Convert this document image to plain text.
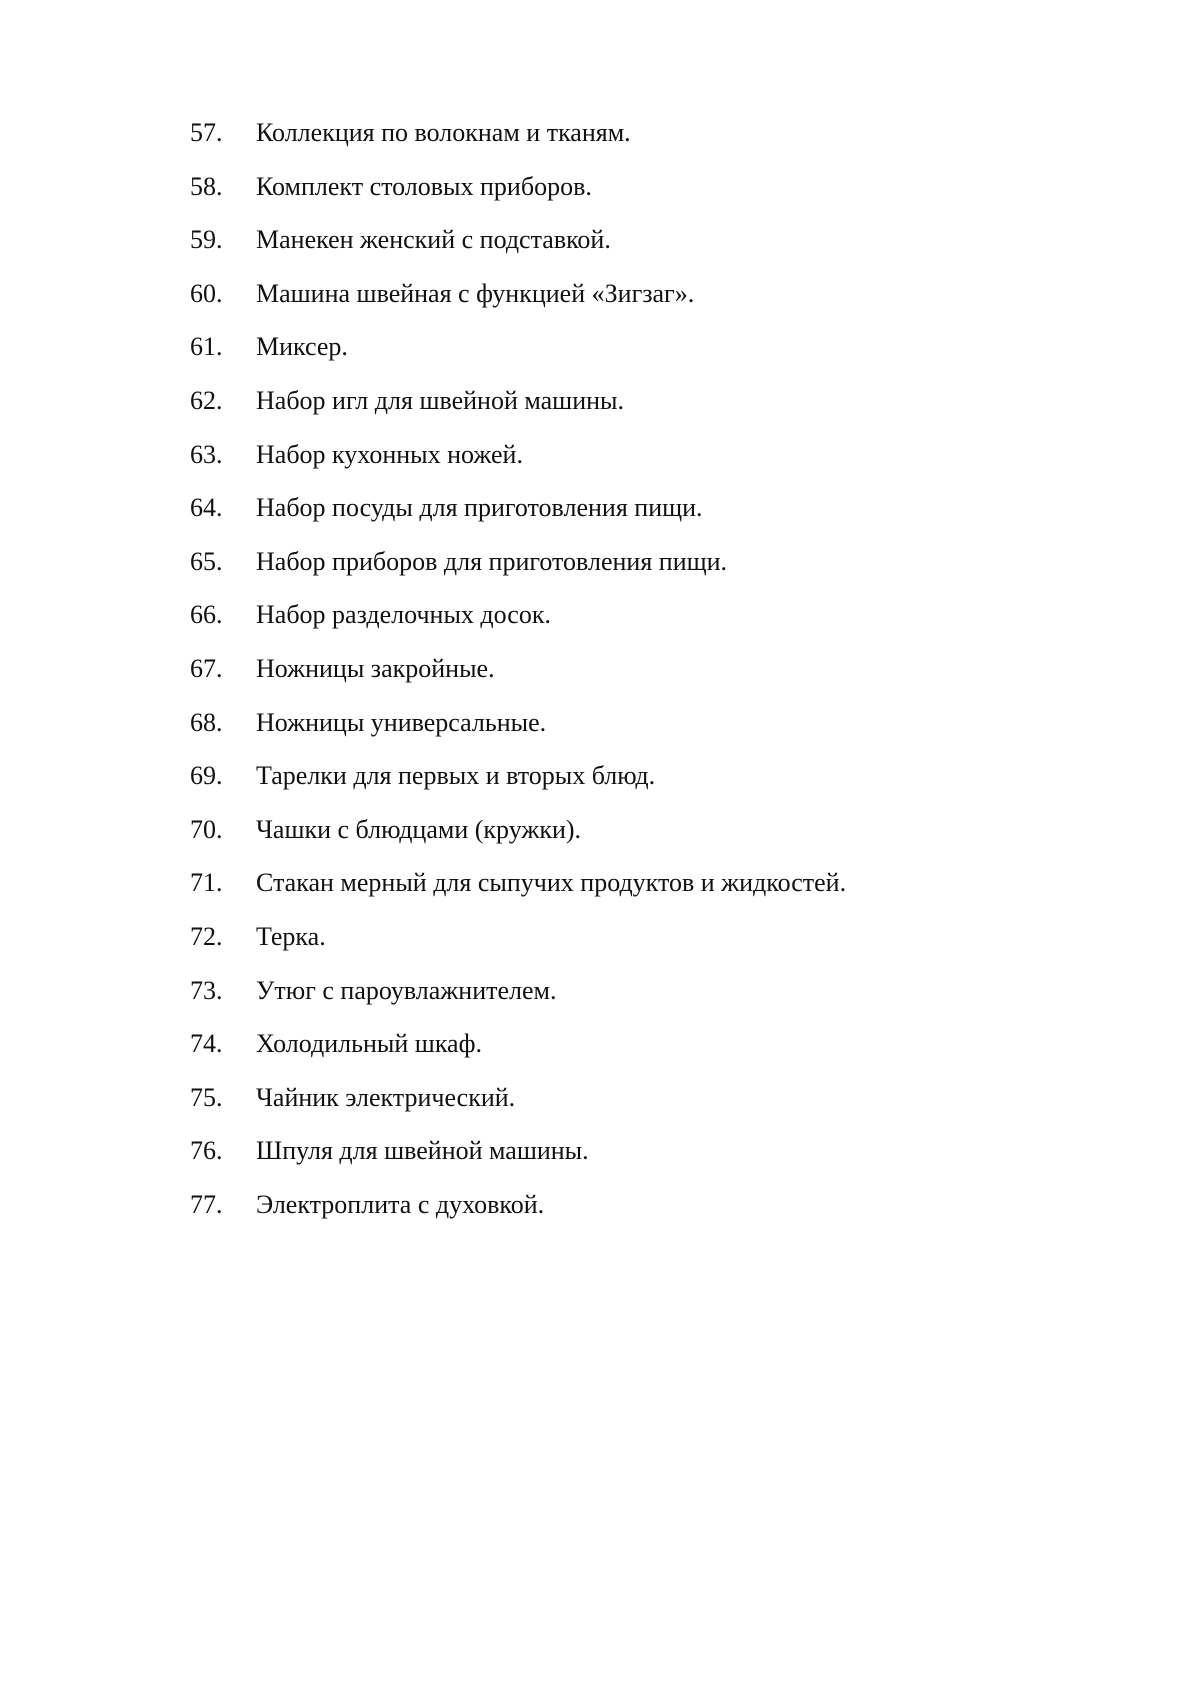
57. Коллекция по волокнам и тканям.
58. Комплект столовых приборов.
59. Манекен женский с подставкой.
60. Машина швейная с функцией «Зигзаг».
61. Миксер.
62. Набор игл для швейной машины.
63. Набор кухонных ножей.
64. Набор посуды для приготовления пищи.
65. Набор приборов для приготовления пищи.
66. Набор разделочных досок.
67. Ножницы закройные.
68. Ножницы универсальные.
69. Тарелки для первых и вторых блюд.
70. Чашки с блюдцами (кружки).
71. Стакан мерный для сыпучих продуктов и жидкостей.
72. Терка.
73. Утюг с пароувлажнителем.
74. Холодильный шкаф.
75. Чайник электрический.
76. Шпуля для швейной машины.
77. Электроплита с духовкой.
